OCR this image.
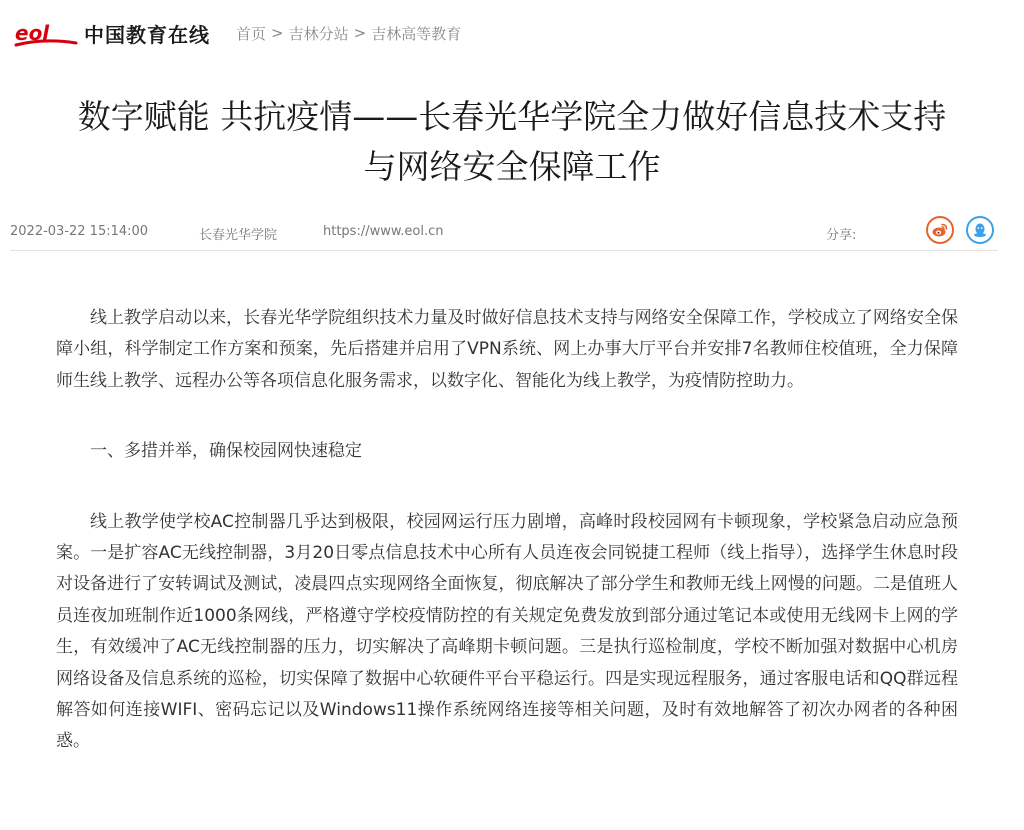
eol 中国教育在线 首页 > 吉林分站 > 吉林高等教育
数字赋能 共抗疫情——长春光华学院全力做好信息技术支持
与网络安全保障工作
2022-03-22 15:14:00	长春光华学院	https://www.eol.cn	分享:

线上教学启动以来，长春光华学院组织技术力量及时做好信息技术支持与网络安全保障工作，学校成立了网络安全保障小组，科学制定工作方案和预案，先后搭建并启用了VPN系统、网上办事大厅平台并安排7名教师住校值班，全力保障师生线上教学、远程办公等各项信息化服务需求，以数字化、智能化为线上教学，为疫情防控助力。

一、多措并举，确保校园网快速稳定

线上教学使学校AC控制器几乎达到极限，校园网运行压力剧增，高峰时段校园网有卡顿现象，学校紧急启动应急预案。一是扩容AC无线控制器，3月20日零点信息技术中心所有人员连夜会同锐捷工程师（线上指导），选择学生休息时段对设备进行了安转调试及测试，凌晨四点实现网络全面恢复，彻底解决了部分学生和教师无线上网慢的问题。二是值班人员连夜加班制作近1000条网线，严格遵守学校疫情防控的有关规定免费发放到部分通过笔记本或使用无线网卡上网的学生，有效缓冲了AC无线控制器的压力，切实解决了高峰期卡顿问题。三是执行巡检制度，学校不断加强对数据中心机房网络设备及信息系统的巡检，切实保障了数据中心软硬件平台平稳运行。四是实现远程服务，通过客服电话和QQ群远程解答如何连接WIFI、密码忘记以及Windows11操作系统网络连接等相关问题，及时有效地解答了初次办网者的各种困惑。
